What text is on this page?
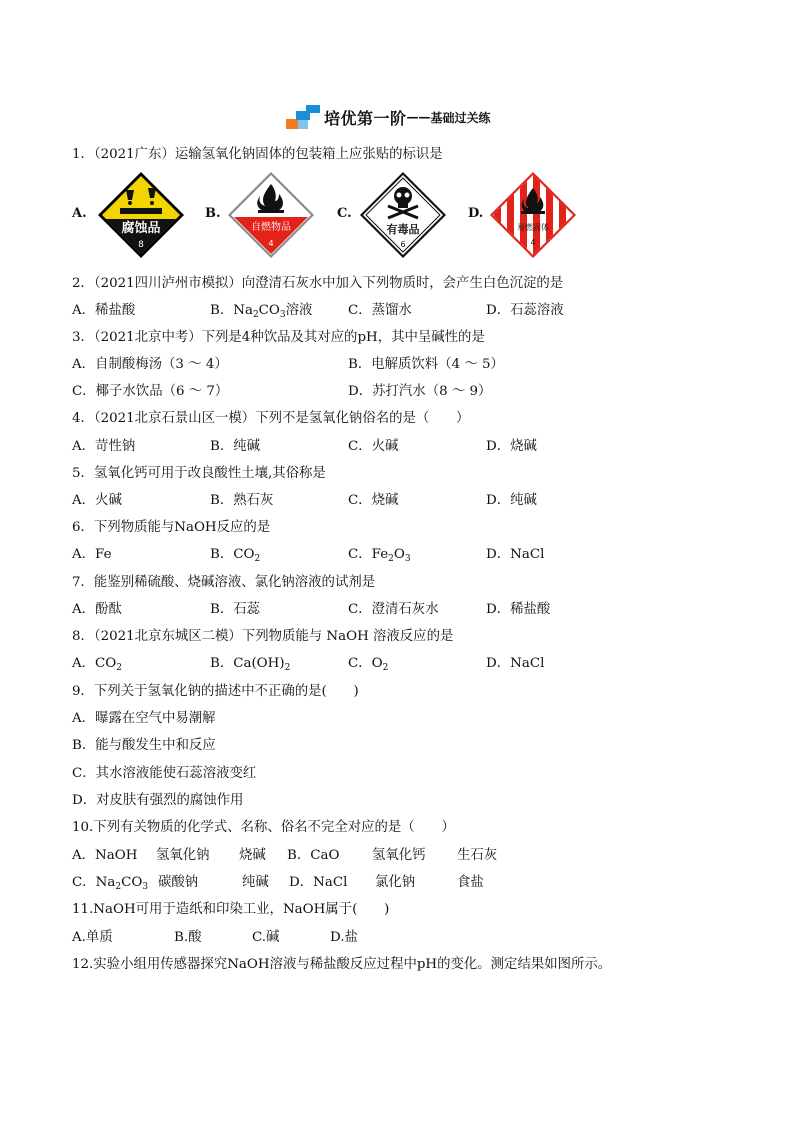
培优第一阶 —— 基础过关练
1．（2021广东）运输氢氧化钠固体的包装箱上应张贴的标识是
A.
腐蚀品
8
B.
自燃物品
4
C.
有毒品
6
D.
易燃固体
4
2．（2021四川泸州市模拟）向澄清石灰水中加入下列物质时，会产生白色沉淀的是
A．稀盐酸	B．$Na_2CO_3$溶液	C．蒸馏水	D．石蕊溶液
3．（2021北京中考）下列是4种饮品及其对应的pH，其中呈碱性的是
A．自制酸梅汤（3 ～ 4）	B．电解质饮料（4 ～ 5）
C．椰子水饮品（6 ～ 7）	D．苏打汽水（8 ～ 9）
4．（2021北京石景山区一模）下列不是氢氧化钠俗名的是（　　）
A．苛性钠	B．纯碱	C．火碱	D．烧碱
5．氢氧化钙可用于改良酸性土壤,其俗称是
A．火碱	B．熟石灰	C．烧碱	D．纯碱
6．下列物质能与NaOH反应的是
A．Fe	B．$CO_2$	C．$Fe_2O_3$	D．NaCl
7．能鉴别稀硫酸、烧碱溶液、氯化钠溶液的试剂是
A．酚酞	B．石蕊	C．澄清石灰水	D．稀盐酸
8．（2021北京东城区二模）下列物质能与 NaOH 溶液反应的是
A．$CO_2$	B．$Ca(OH)_2$	C．$O_2$	D．NaCl
9．下列关于氢氧化钠的描述中不正确的是(　　)
A．曝露在空气中易潮解
B．能与酸发生中和反应
C．其水溶液能使石蕊溶液变红
D．对皮肤有强烈的腐蚀作用
10.下列有关物质的化学式、名称、俗名不完全对应的是（　　）
A．NaOH 氢氧化钠 烧碱 B．CaO 氢氧化钙 生石灰
C．$Na_2CO_3$ 碳酸钠	纯碱 D．NaCl 氯化钠	食盐
11.NaOH可用于造纸和印染工业，NaOH属于(　　)
A.单质	B.酸	C.碱	D.盐
12.实验小组用传感器探究NaOH溶液与稀盐酸反应过程中pH的变化。测定结果如图所示。
